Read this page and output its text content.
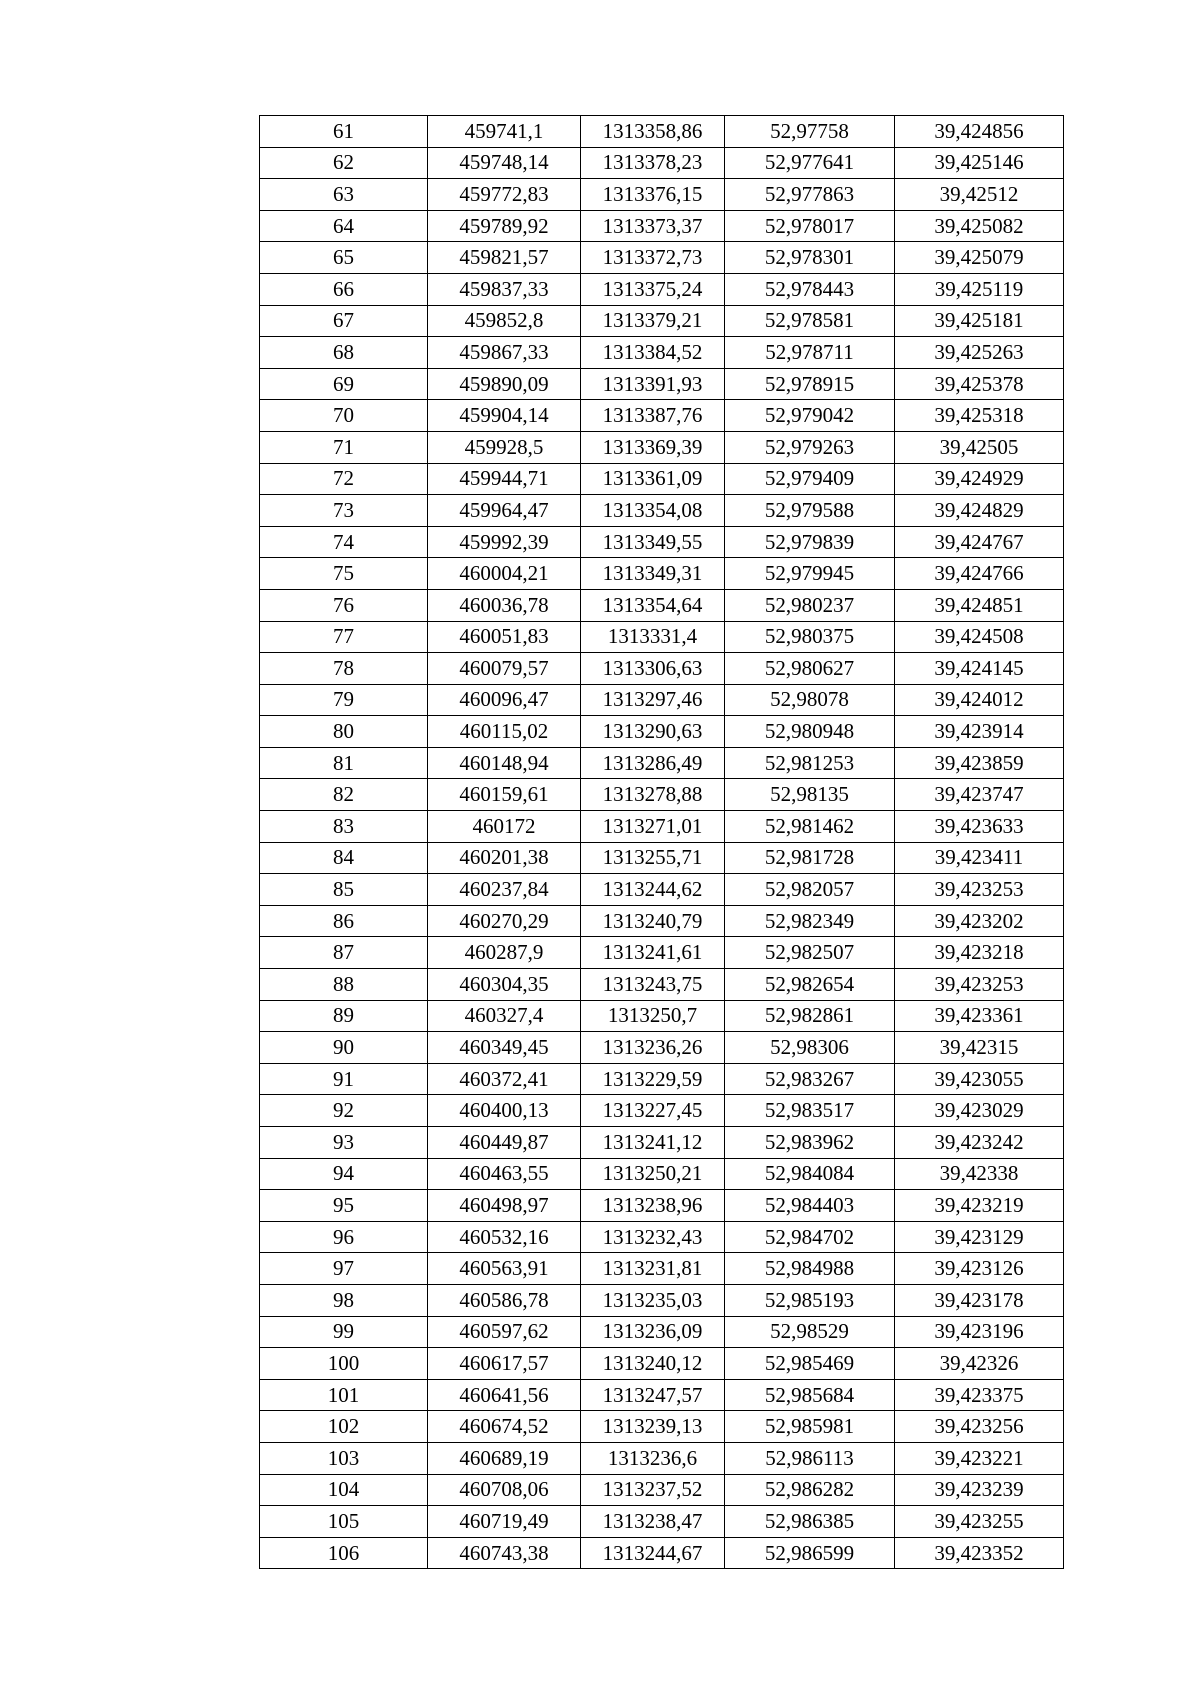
61	459741,1	1313358,86	52,97758	39,424856
62	459748,14	1313378,23	52,977641	39,425146
63	459772,83	1313376,15	52,977863	39,42512
64	459789,92	1313373,37	52,978017	39,425082
65	459821,57	1313372,73	52,978301	39,425079
66	459837,33	1313375,24	52,978443	39,425119
67	459852,8	1313379,21	52,978581	39,425181
68	459867,33	1313384,52	52,978711	39,425263
69	459890,09	1313391,93	52,978915	39,425378
70	459904,14	1313387,76	52,979042	39,425318
71	459928,5	1313369,39	52,979263	39,42505
72	459944,71	1313361,09	52,979409	39,424929
73	459964,47	1313354,08	52,979588	39,424829
74	459992,39	1313349,55	52,979839	39,424767
75	460004,21	1313349,31	52,979945	39,424766
76	460036,78	1313354,64	52,980237	39,424851
77	460051,83	1313331,4	52,980375	39,424508
78	460079,57	1313306,63	52,980627	39,424145
79	460096,47	1313297,46	52,98078	39,424012
80	460115,02	1313290,63	52,980948	39,423914
81	460148,94	1313286,49	52,981253	39,423859
82	460159,61	1313278,88	52,98135	39,423747
83	460172	1313271,01	52,981462	39,423633
84	460201,38	1313255,71	52,981728	39,423411
85	460237,84	1313244,62	52,982057	39,423253
86	460270,29	1313240,79	52,982349	39,423202
87	460287,9	1313241,61	52,982507	39,423218
88	460304,35	1313243,75	52,982654	39,423253
89	460327,4	1313250,7	52,982861	39,423361
90	460349,45	1313236,26	52,98306	39,42315
91	460372,41	1313229,59	52,983267	39,423055
92	460400,13	1313227,45	52,983517	39,423029
93	460449,87	1313241,12	52,983962	39,423242
94	460463,55	1313250,21	52,984084	39,42338
95	460498,97	1313238,96	52,984403	39,423219
96	460532,16	1313232,43	52,984702	39,423129
97	460563,91	1313231,81	52,984988	39,423126
98	460586,78	1313235,03	52,985193	39,423178
99	460597,62	1313236,09	52,98529	39,423196
100	460617,57	1313240,12	52,985469	39,42326
101	460641,56	1313247,57	52,985684	39,423375
102	460674,52	1313239,13	52,985981	39,423256
103	460689,19	1313236,6	52,986113	39,423221
104	460708,06	1313237,52	52,986282	39,423239
105	460719,49	1313238,47	52,986385	39,423255
106	460743,38	1313244,67	52,986599	39,423352
